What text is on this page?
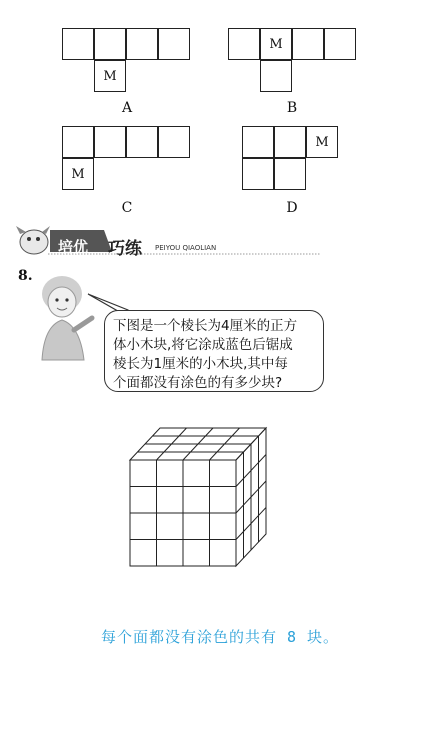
M
A
M
B
M
C
M
D
培优 巧练 PEIYOU QIAOLIAN
8.
下图是一个棱长为4厘米的正方
体小木块,将它涂成蓝色后锯成
棱长为1厘米的小木块,其中每
个面都没有涂色的有多少块?
每个面都没有涂色的共有 8 块。
